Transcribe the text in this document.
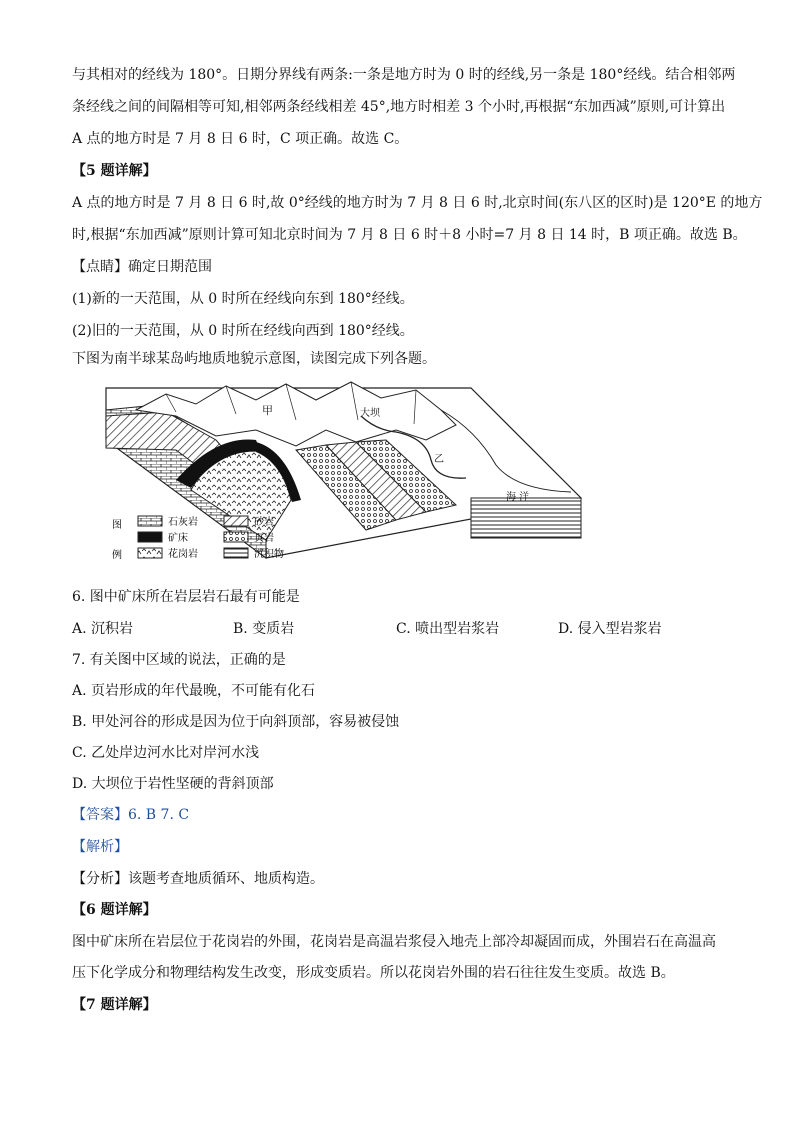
与其相对的经线为 180°。日期分界线有两条:一条是地方时为 0 时的经线,另一条是 180°经线。结合相邻两
条经线之间的间隔相等可知,相邻两条经线相差 45°,地方时相差 3 个小时,再根据“东加西减”原则,可计算出
A 点的地方时是 7 月 8 日 6 时，C 项正确。故选 C。
【5 题详解】
A 点的地方时是 7 月 8 日 6 时,故 0°经线的地方时为 7 月 8 日 6 时,北京时间(东八区的区时)是 120°E 的地方
时,根据“东加西减”原则计算可知北京时间为 7 月 8 日 6 时＋8 小时=7 月 8 日 14 时，B 项正确。故选 B。
【点睛】确定日期范围
(1)新的一天范围，从 0 时所在经线向东到 180°经线。
(2)旧的一天范围，从 0 时所在经线向西到 180°经线。
下图为南半球某岛屿地质地貌示意图，读图完成下列各题。
甲	大坝
乙
海 洋
图
例
石灰岩
矿床
花岗岩
砂岩
页岩
沉积物
6. 图中矿床所在岩层岩石最有可能是
A. 沉积岩	B. 变质岩	C. 喷出型岩浆岩	D. 侵入型岩浆岩
7. 有关图中区域的说法，正确的是
A. 页岩形成的年代最晚，不可能有化石
B. 甲处河谷的形成是因为位于向斜顶部，容易被侵蚀
C. 乙处岸边河水比对岸河水浅
D. 大坝位于岩性坚硬的背斜顶部
【答案】6. B 7. C
【解析】
【分析】该题考查地质循环、地质构造。
【6 题详解】
图中矿床所在岩层位于花岗岩的外围，花岗岩是高温岩浆侵入地壳上部冷却凝固而成，外围岩石在高温高
压下化学成分和物理结构发生改变，形成变质岩。所以花岗岩外围的岩石往往发生变质。故选 B。
【7 题详解】
